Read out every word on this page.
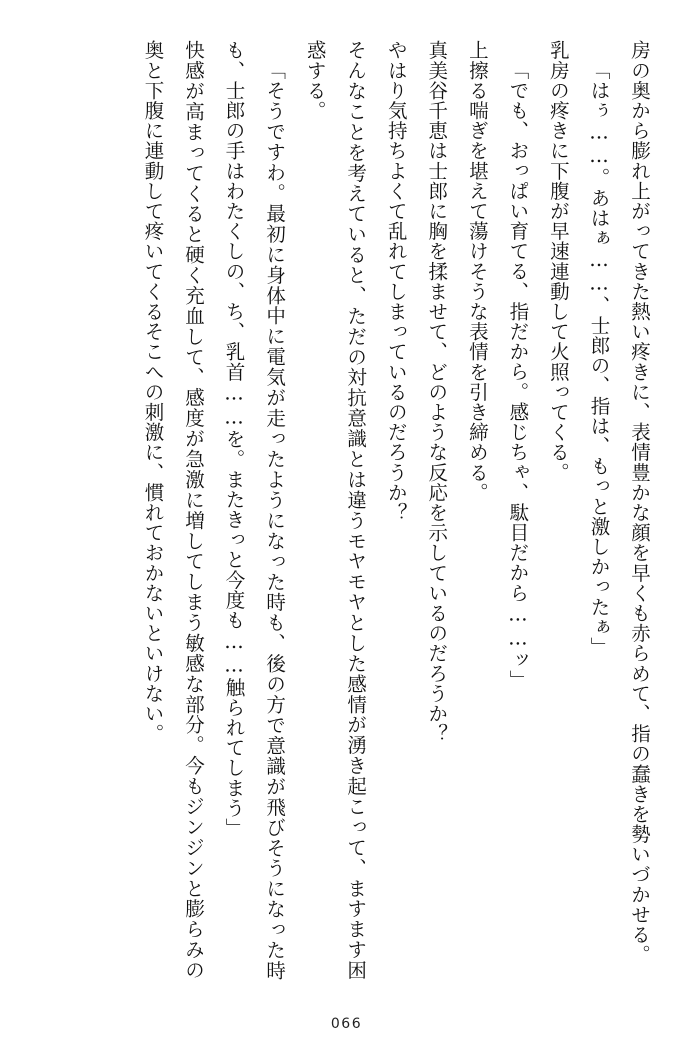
房の奥から膨れ上がってきた熱い疼きに、表情豊かな顔を早くも赤らめて、指の蠢きを勢いづかせる。

「はぅ……。あはぁ……、士郎の、指は、もっと激しかったぁ」

乳房の疼きに下腹が早速連動して火照ってくる。

「でも、おっぱい育てる、指だから。感じちゃ、駄目だから……ッ」

上擦る喘ぎを堪えて蕩けそうな表情を引き締める。

真美谷千恵は士郎に胸を揉ませて、どのような反応を示しているのだろうか？

やはり気持ちよくて乱れてしまっているのだろうか？

そんなことを考えていると、ただの対抗意識とは違うモヤモヤとした感情が湧き起こって、ますます困惑する。

「そうですわ。最初に身体中に電気が走ったようになった時も、後の方で意識が飛びそうになった時も、士郎の手はわたくしの、ち、乳首……を。またきっと今度も……触られてしまう」

快感が高まってくると硬く充血して、感度が急激に増してしまう敏感な部分。今もジンジンと膨らみの奥と下腹に連動して疼いてくるそこへの刺激に、慣れておかないといけない。

066
